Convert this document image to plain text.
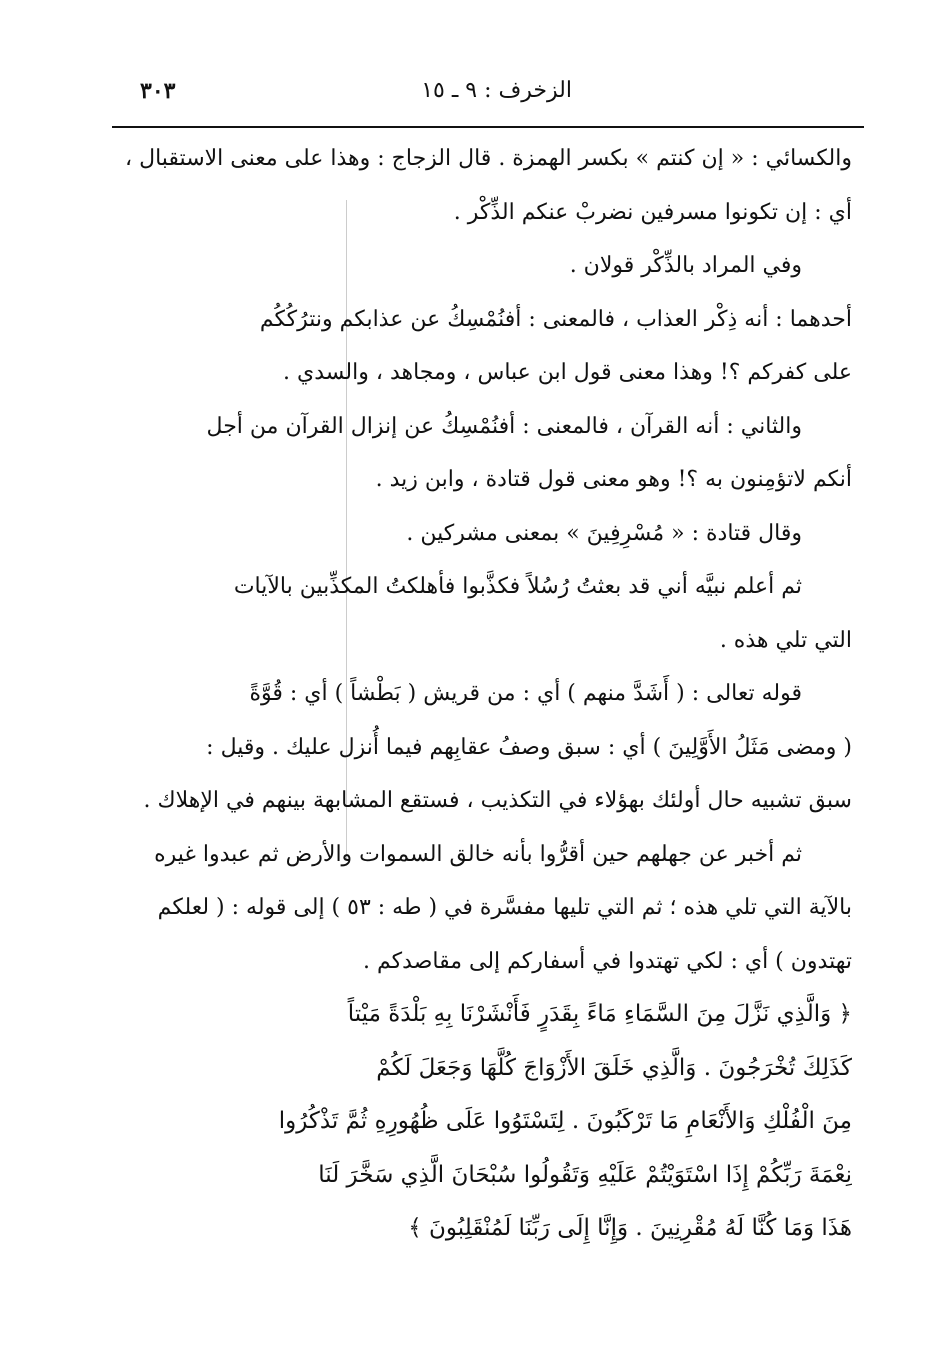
الزخرف : ٩ ـ ١٥
٣٠٣
والكسائي : « إن كنتم » بكسر الهمزة . قال الزجاج : وهذا على معنى الاستقبال ،
أي : إن تكونوا مسرفين نضربْ عنكم الذِّكْر .
وفي المراد بالذِّكْر قولان .
أحدهما : أنه ذِكْر العذاب ، فالمعنى : أفنُمْسِكُ عن عذابكم ونترُكُكُم
على كفركم ؟! وهذا معنى قول ابن عباس ، ومجاهد ، والسدي .
والثاني : أنه القرآن ، فالمعنى : أفنُمْسِكُ عن إنزال القرآن من أجل
أنكم لاتؤمِنون به ؟! وهو معنى قول قتادة ، وابن زيد .
وقال قتادة : « مُسْرِفِينَ » بمعنى مشركين .
ثم أعلم نبيَّه أني قد بعثتُ رُسُلاً فكذَّبوا فأهلكتُ المكذِّبين بالآيات
التي تلي هذه .
قوله تعالى : ( أَشَدَّ منهم ) أي : من قريش ( بَطْشاً ) أي : قُوَّةً
( ومضى مَثَلُ الأَوَّلِينَ ) أي : سبق وصفُ عقابِهم فيما أُنزل عليك . وقيل :
سبق تشبيه حال أولئك بهؤلاء في التكذيب ، فستقع المشابهة بينهم في الإهلاك .
ثم أخبر عن جهلهم حين أقرُّوا بأنه خالق السموات والأرض ثم عبدوا غيره
بالآية التي تلي هذه ؛ ثم التي تليها مفسَّرة في ( طه : ٥٣ ) إلى قوله : ( لعلكم
تهتدون ) أي : لكي تهتدوا في أسفاركم إلى مقاصدكم .
﴿ وَالَّذِي نَزَّلَ مِنَ السَّمَاءِ مَاءً بِقَدَرٍ فَأَنْشَرْنَا بِهِ بَلْدَةً مَيْتاً
كَذَلِكَ تُخْرَجُونَ . وَالَّذِي خَلَقَ الأَزْوَاجَ كُلَّهَا وَجَعَلَ لَكُمْ
مِنَ الْفُلْكِ وَالأَنْعَامِ مَا تَرْكَبُونَ . لِتَسْتَوُوا عَلَى ظُهُورِهِ ثُمَّ تَذْكُرُوا
نِعْمَةَ رَبِّكُمْ إِذَا اسْتَوَيْتُمْ عَلَيْهِ وَتَقُولُوا سُبْحَانَ الَّذِي سَخَّرَ لَنَا
هَذَا وَمَا كُنَّا لَهُ مُقْرِنِينَ . وَإِنَّا إِلَى رَبِّنَا لَمُنْقَلِبُونَ ﴾
